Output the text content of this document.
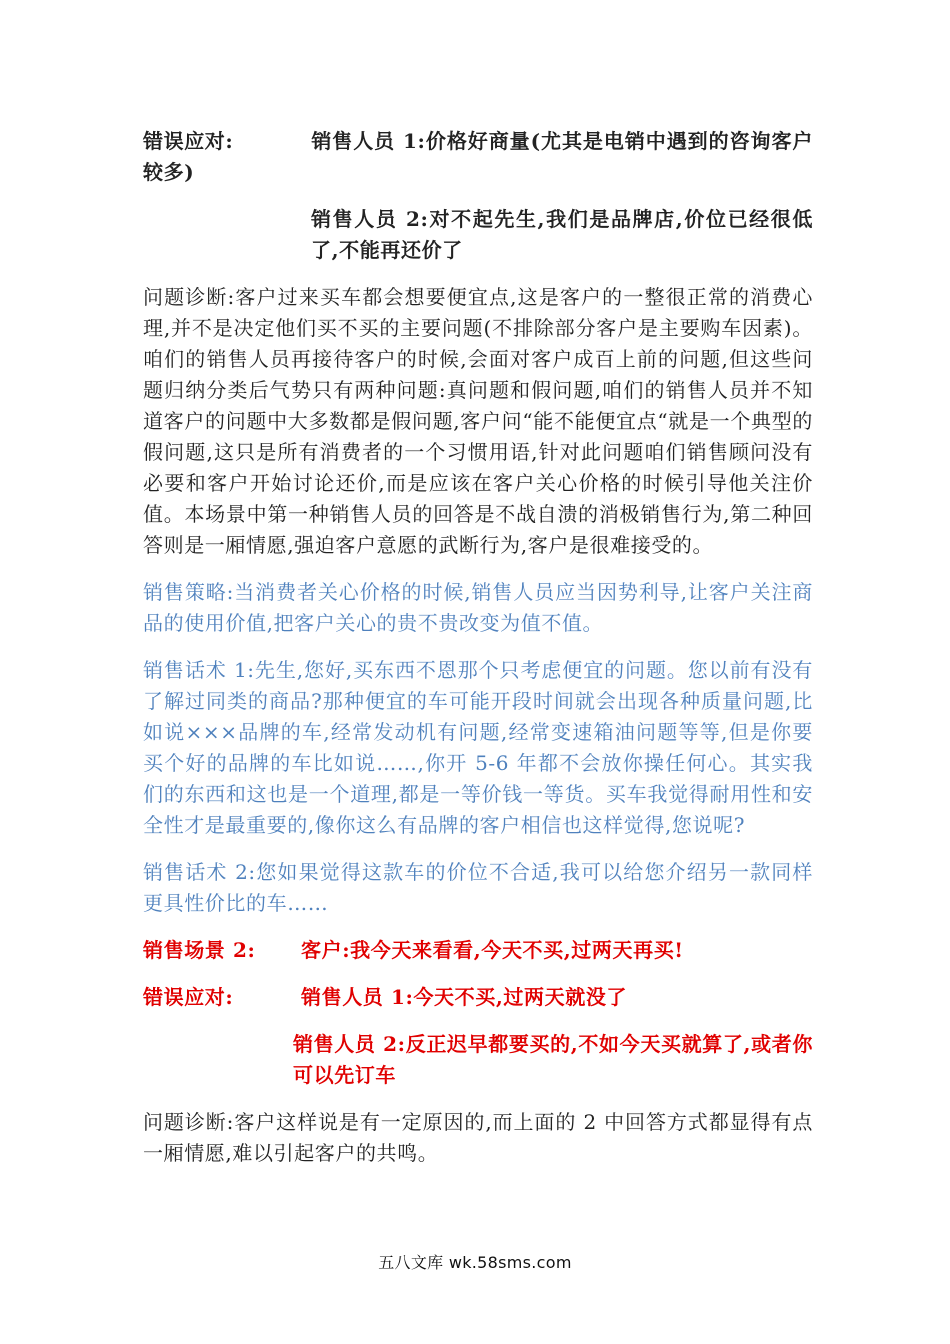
错误应对:	销售人员 1:价格好商量(尤其是电销中遇到的咨询客户较多)

销售人员 2:对不起先生,我们是品牌店,价位已经很低了,不能再还价了

问题诊断:客户过来买车都会想要便宜点,这是客户的一整很正常的消费心理,并不是决定他们买不买的主要问题(不排除部分客户是主要购车因素)。咱们的销售人员再接待客户的时候,会面对客户成百上前的问题,但这些问题归纳分类后气势只有两种问题:真问题和假问题,咱们的销售人员并不知道客户的问题中大多数都是假问题,客户问“能不能便宜点“就是一个典型的假问题,这只是所有消费者的一个习惯用语,针对此问题咱们销售顾问没有必要和客户开始讨论还价,而是应该在客户关心价格的时候引导他关注价值。本场景中第一种销售人员的回答是不战自溃的消极销售行为,第二种回答则是一厢情愿,强迫客户意愿的武断行为,客户是很难接受的。

销售策略:当消费者关心价格的时候,销售人员应当因势利导,让客户关注商品的使用价值,把客户关心的贵不贵改变为值不值。

销售话术 1:先生,您好,买东西不恩那个只考虑便宜的问题。您以前有没有了解过同类的商品?那种便宜的车可能开段时间就会出现各种质量问题,比如说×××品牌的车,经常发动机有问题,经常变速箱油问题等等,但是你要买个好的品牌的车比如说……,你开 5-6 年都不会放你操任何心。其实我们的东西和这也是一个道理,都是一等价钱一等货。买车我觉得耐用性和安全性才是最重要的,像你这么有品牌的客户相信也这样觉得,您说呢?

销售话术 2:您如果觉得这款车的价位不合适,我可以给您介绍另一款同样更具性价比的车……

销售场景 2: 客户:我今天来看看,今天不买,过两天再买!

错误应对:	销售人员 1:今天不买,过两天就没了

销售人员 2:反正迟早都要买的,不如今天买就算了,或者你可以先订车

问题诊断:客户这样说是有一定原因的,而上面的 2 中回答方式都显得有点一厢情愿,难以引起客户的共鸣。

五八文库 wk.58sms.com
